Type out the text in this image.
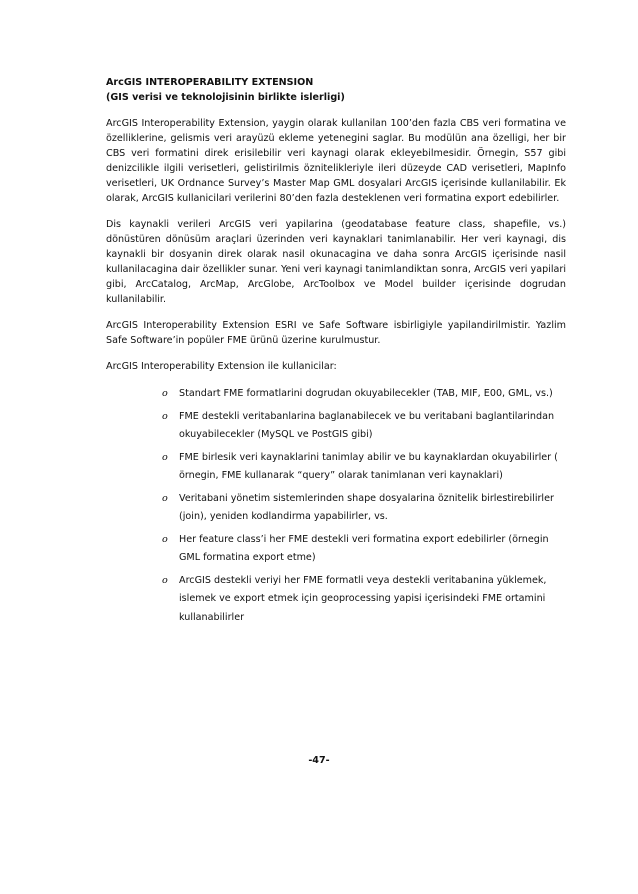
ArcGIS INTEROPERABILITY EXTENSION

(GIS verisi ve teknolojisinin birlikte islerligi)

ArcGIS Interoperability Extension, yaygin olarak kullanilan 100’den fazla CBS veri formatina ve özelliklerine, gelismis veri arayüzü ekleme yetenegini saglar. Bu modülün ana özelligi, her bir CBS veri formatini direk erisilebilir veri kaynagi olarak ekleyebilmesidir. Örnegin, S57 gibi denizcilikle ilgili verisetleri, gelistirilmis öznitelikleriyle ileri düzeyde CAD verisetleri, MapInfo verisetleri, UK Ordnance Survey’s Master Map GML dosyalari ArcGIS içerisinde kullanilabilir. Ek olarak, ArcGIS kullanicilari verilerini 80’den fazla desteklenen veri formatina export edebilirler.

Dis kaynakli verileri ArcGIS veri yapilarina (geodatabase feature class, shapefile, vs.) dönüstüren dönüsüm araçlari üzerinden veri kaynaklari tanimlanabilir. Her veri kaynagi, dis kaynakli bir dosyanin direk olarak nasil okunacagina ve daha sonra ArcGIS içerisinde nasil kullanilacagina dair özellikler sunar. Yeni veri kaynagi tanimlandiktan sonra, ArcGIS veri yapilari gibi, ArcCatalog, ArcMap, ArcGlobe, ArcToolbox ve Model builder içerisinde dogrudan kullanilabilir.

ArcGIS Interoperability Extension ESRI ve Safe Software isbirligiyle yapilandirilmistir. Yazlim Safe Software’in popüler FME ürünü üzerine kurulmustur.

ArcGIS Interoperability Extension ile kullanicilar:

o Standart FME formatlarini dogrudan okuyabilecekler (TAB, MIF, E00, GML, vs.)
o FME destekli veritabanlarina baglanabilecek ve bu veritabani baglantilarindan okuyabilecekler (MySQL ve PostGIS gibi)
o FME birlesik veri kaynaklarini tanimlay abilir ve bu kaynaklardan okuyabilirler ( örnegin, FME kullanarak “query” olarak tanimlanan veri kaynaklari)
o Veritabani yönetim sistemlerinden shape dosyalarina öznitelik birlestirebilirler (join), yeniden kodlandirma yapabilirler, vs.
o Her feature class’i her FME destekli veri formatina export edebilirler (örnegin GML formatina export etme)
o ArcGIS destekli veriyi her FME formatli veya destekli veritabanina yüklemek, islemek ve export etmek için geoprocessing yapisi içerisindeki FME ortamini kullanabilirler
-47-
